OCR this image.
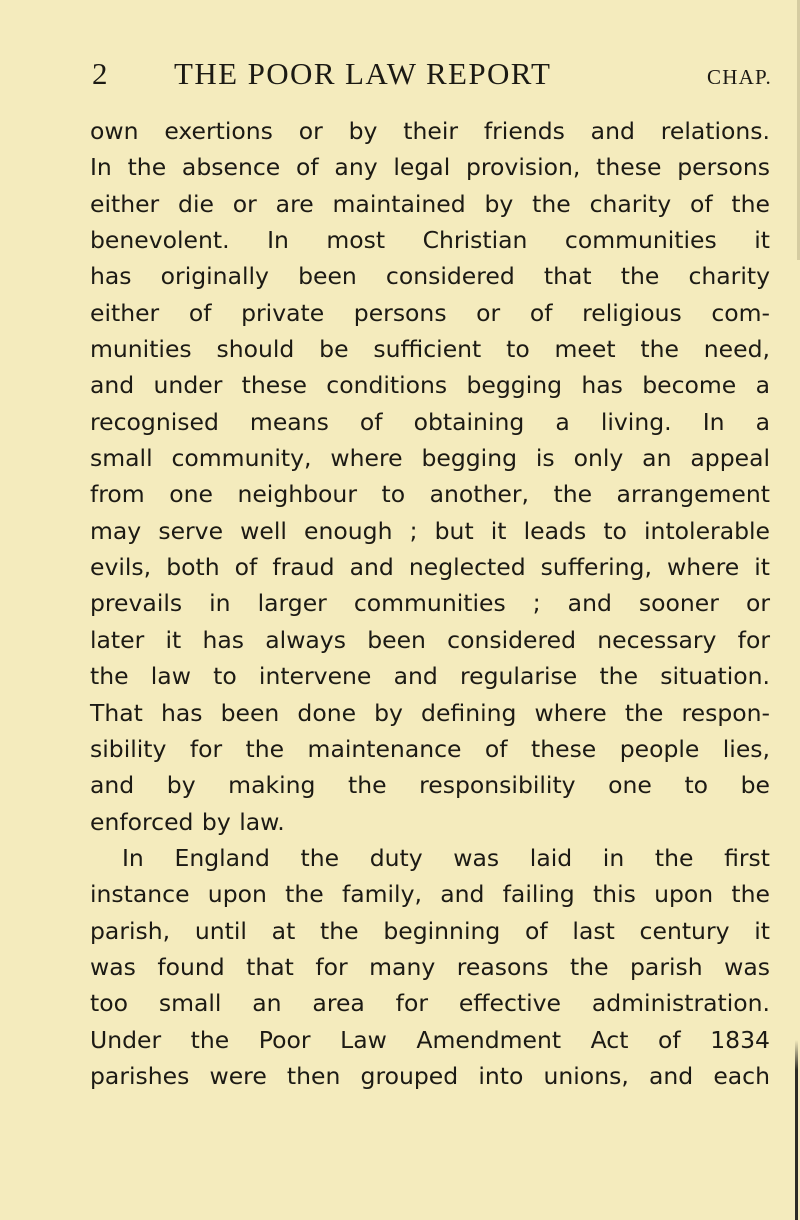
2 THE POOR LAW REPORT	CHAP.
own exertions or by their friends and relations.
In the absence of any legal provision, these persons
either die or are maintained by the charity of the
benevolent. In most Christian communities it
has originally been considered that the charity
either of private persons or of religious com-
munities should be sufficient to meet the need,
and under these conditions begging has become a
recognised means of obtaining a living. In a
small community, where begging is only an appeal
from one neighbour to another, the arrangement
may serve well enough ; but it leads to intolerable
evils, both of fraud and neglected suffering, where it
prevails in larger communities ; and sooner or
later it has always been considered necessary for
the law to intervene and regularise the situation.
That has been done by defining where the respon-
sibility for the maintenance of these people lies,
and by making the responsibility one to be
enforced by law.
In England the duty was laid in the first
instance upon the family, and failing this upon the
parish, until at the beginning of last century it
was found that for many reasons the parish was
too small an area for effective administration.
Under the Poor Law Amendment Act of 1834
parishes were then grouped into unions, and each
